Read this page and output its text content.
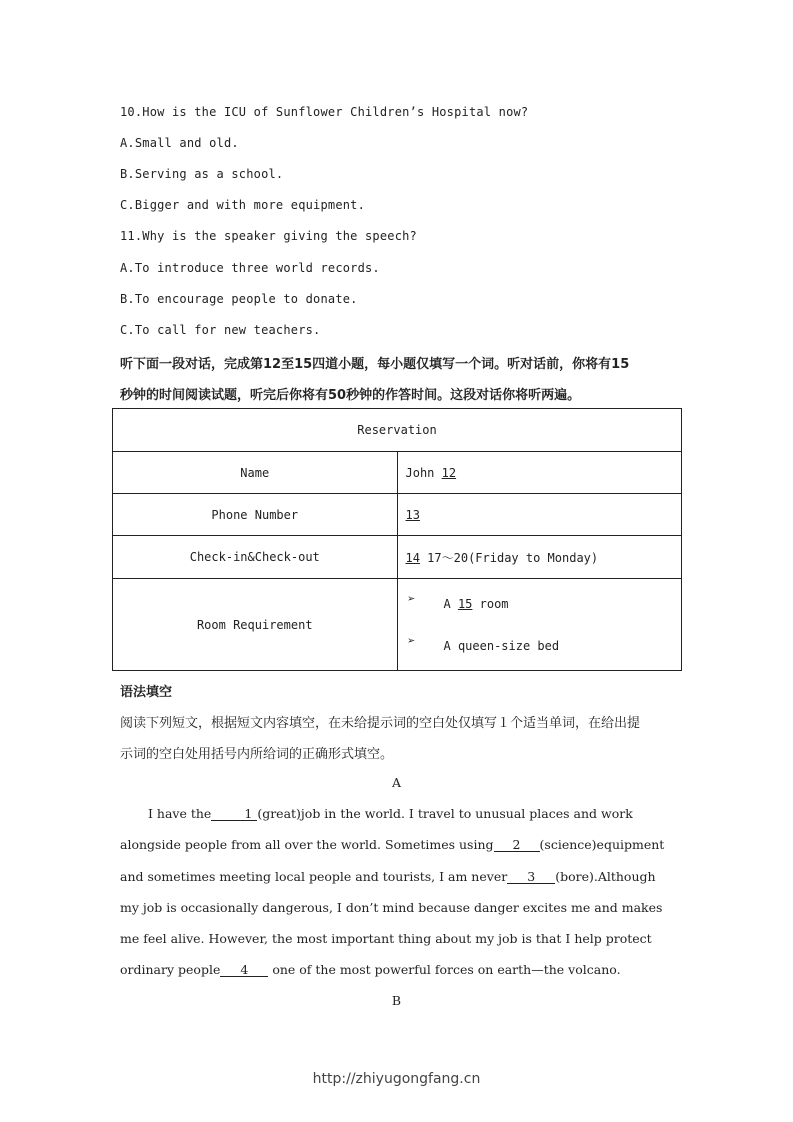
10.How is the ICU of Sunflower Children’s Hospital now?
A.Small and old.
B.Serving as a school.
C.Bigger and with more equipment.
11.Why is the speaker giving the speech?
A.To introduce three world records.
B.To encourage people to donate.
C.To call for new teachers.
听下面一段对话，完成第12至15四道小题，每小题仅填写一个词。听对话前，你将有15
秒钟的时间阅读试题，听完后你将有50秒钟的作答时间。这段对话你将听两遍。
Reservation	
Name	John 12
Phone Number	13
Check-in&Check-out	14 17～20(Friday to Monday)
Room Requirement	➢ A 15 room
➢ A queen-size bed
语法填空
阅读下列短文，根据短文内容填空，在未给提示词的空白处仅填写１个适当单词，在给出提
示词的空白处用括号内所给词的正确形式填空。
A
I have the	1 (great)job in the world. I travel to unusual places and work
alongside people from all over the world. Sometimes using 2 (science)equipment
and sometimes meeting local people and tourists, I am never 3 (bore).Although
my job is occasionally dangerous, I don’t mind because danger excites me and makes
me feel alive. However, the most important thing about my job is that I help protect
ordinary people 4 one of the most powerful forces on earth—the volcano.
B
http://zhiyugongfang.cn
